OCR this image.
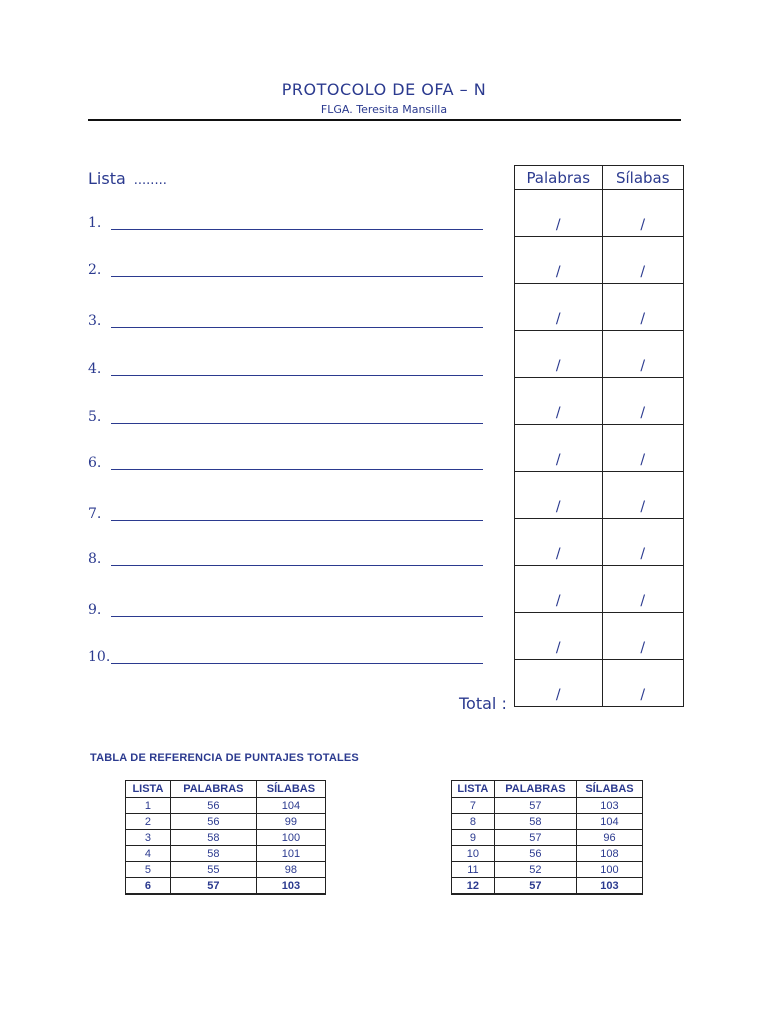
PROTOCOLO DE OFA – N
FLGA. Teresita Mansilla
Lista ........
1.
2.
3.
4.
5.
6.
7.
8.
9.
10.
Palabras	Sílabas
/	/
/	/
/	/
/	/
/	/
/	/
/	/
/	/
/	/
/	/
/	/
Total :
TABLA DE REFERENCIA DE PUNTAJES TOTALES
LISTA	PALABRAS	SÍLABAS
1	56	104
2	56	99
3	58	100
4	58	101
5	55	98
6	57	103
LISTA	PALABRAS	SÍLABAS
7	57	103
8	58	104
9	57	96
10	56	108
11	52	100
12	57	103
